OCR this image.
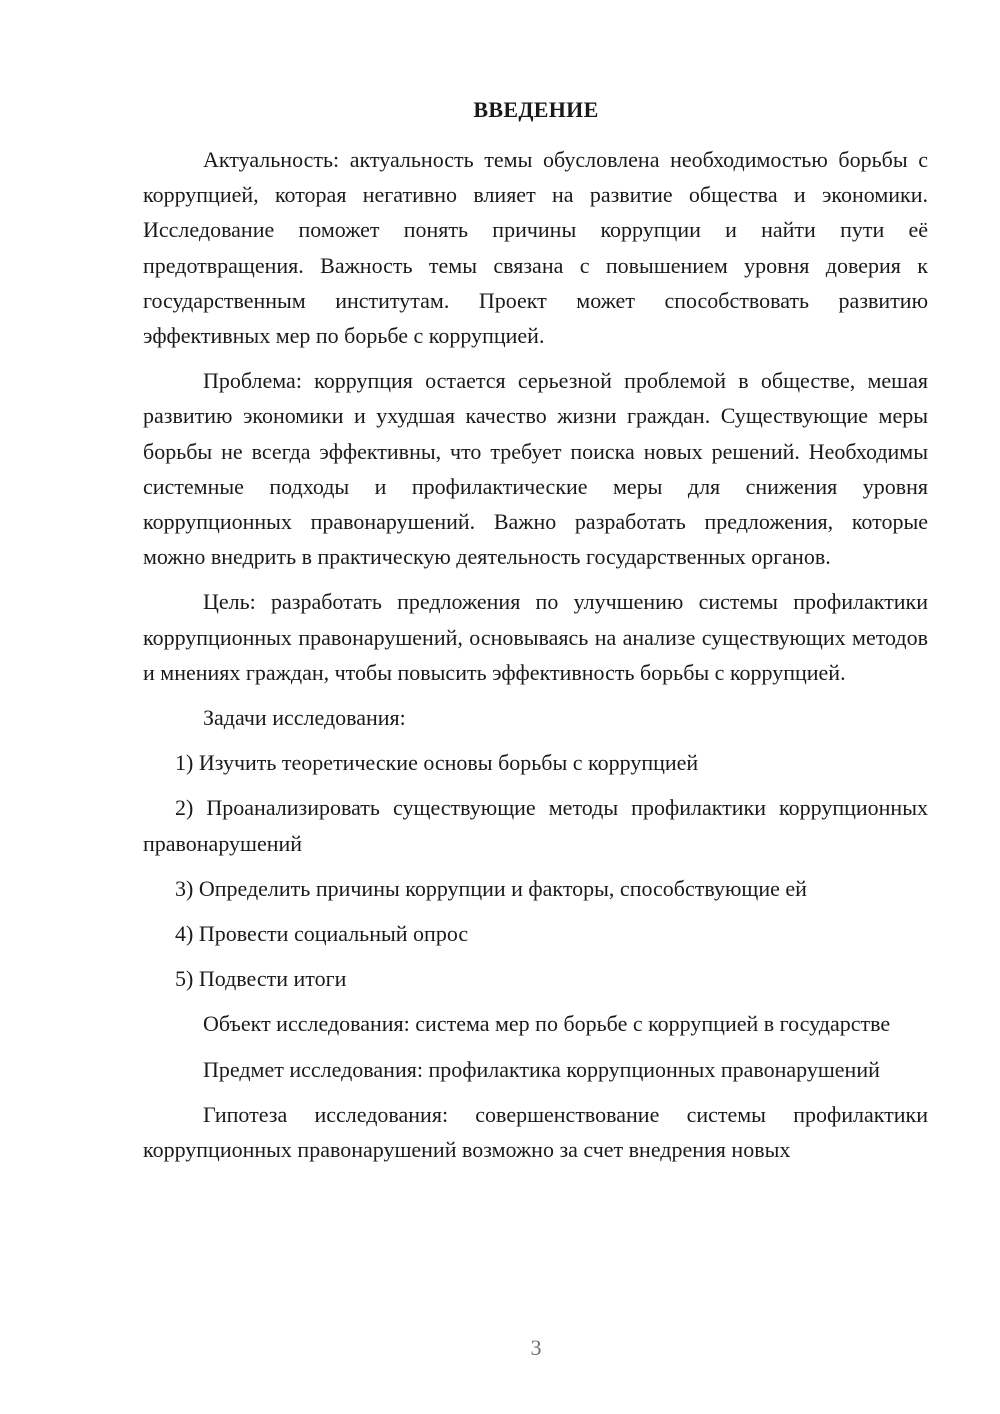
ВВЕДЕНИЕ

Актуальность: актуальность темы обусловлена необходимостью борьбы с коррупцией, которая негативно влияет на развитие общества и экономики. Исследование поможет понять причины коррупции и найти пути её предотвращения. Важность темы связана с повышением уровня доверия к государственным институтам. Проект может способствовать развитию эффективных мер по борьбе с коррупцией.

Проблема: коррупция остается серьезной проблемой в обществе, мешая развитию экономики и ухудшая качество жизни граждан. Существующие меры борьбы не всегда эффективны, что требует поиска новых решений. Необходимы системные подходы и профилактические меры для снижения уровня коррупционных правонарушений. Важно разработать предложения, которые можно внедрить в практическую деятельность государственных органов.

Цель: разработать предложения по улучшению системы профилактики коррупционных правонарушений, основываясь на анализе существующих методов и мнениях граждан, чтобы повысить эффективность борьбы с коррупцией.

Задачи исследования:

1) Изучить теоретические основы борьбы с коррупцией

2) Проанализировать существующие методы профилактики коррупционных правонарушений

3) Определить причины коррупции и факторы, способствующие ей

4) Провести социальный опрос

5) Подвести итоги

Объект исследования: система мер по борьбе с коррупцией в государстве

Предмет исследования: профилактика коррупционных правонарушений

Гипотеза исследования: совершенствование системы профилактики коррупционных правонарушений возможно за счет внедрения новых

3
